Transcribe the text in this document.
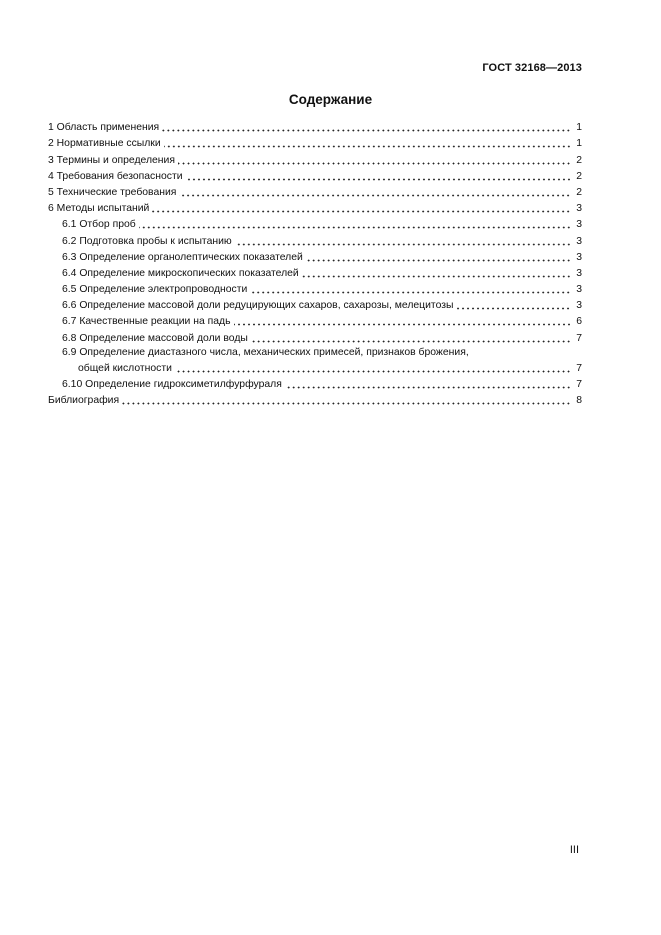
ГОСТ 32168—2013
Содержание
1 Область применения	1
2 Нормативные ссылки	1
3 Термины и определения	2
4 Требования безопасности	2
5 Технические требования	2
6 Методы испытаний	3
6.1 Отбор проб	3
6.2 Подготовка пробы к испытанию	3
6.3 Определение органолептических показателей	3
6.4 Определение микроскопических показателей	3
6.5 Определение электропроводности	3
6.6 Определение массовой доли редуцирующих сахаров, сахарозы, мелецитозы	3
6.7 Качественные реакции на падь	6
6.8 Определение массовой доли воды	7
6.9 Определение диастазного числа, механических примесей, признаков брожения,
общей кислотности	7
6.10 Определение гидроксиметилфурфураля	7
Библиография	8
III
